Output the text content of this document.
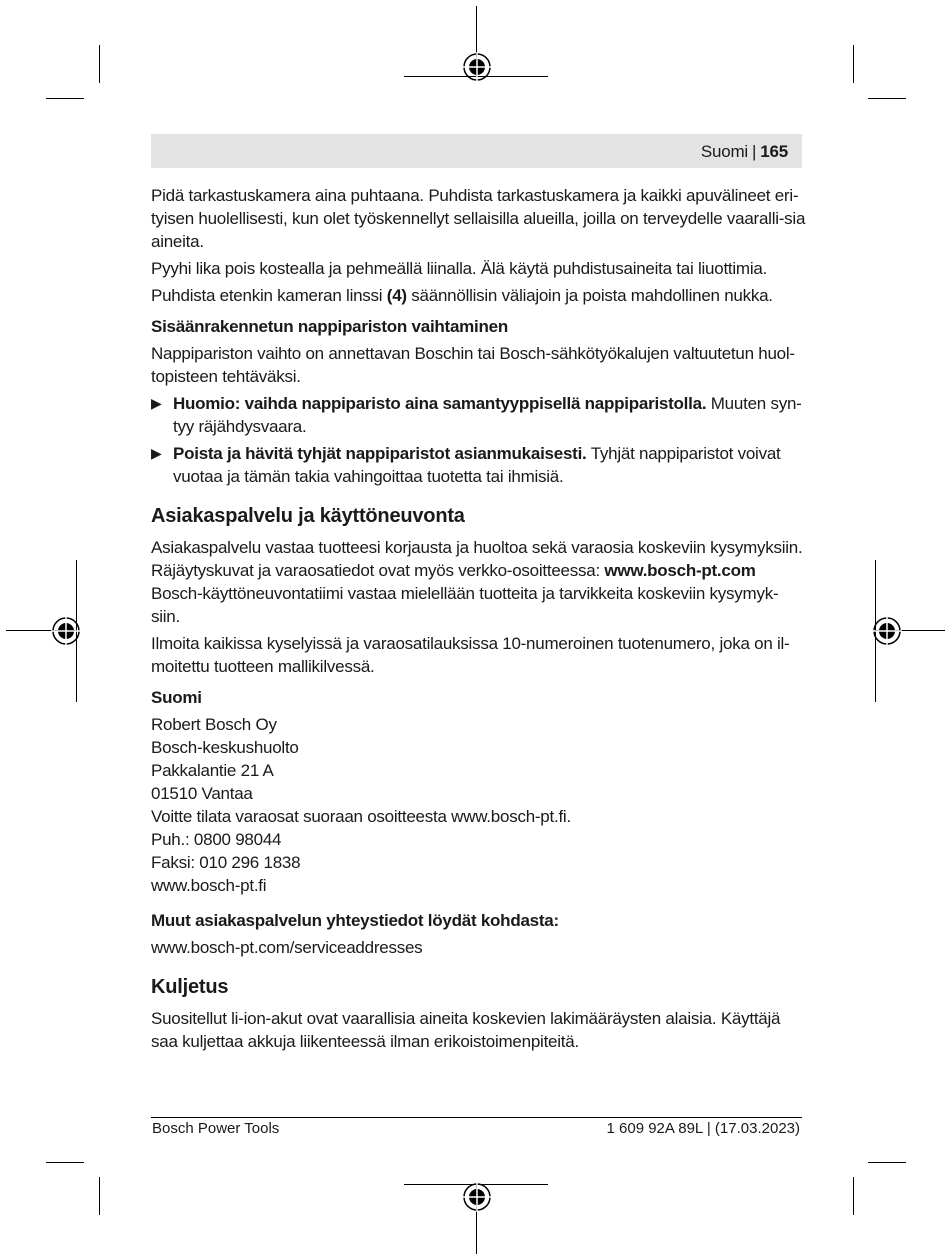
Suomi | 165

Pidä tarkastuskamera aina puhtaana. Puhdista tarkastuskamera ja kaikki apuvälineet eri-tyisen huolellisesti, kun olet työskennellyt sellaisilla alueilla, joilla on terveydelle vaaralli-sia aineita.

Pyyhi lika pois kostealla ja pehmeällä liinalla. Älä käytä puhdistusaineita tai liuottimia.

Puhdista etenkin kameran linssi (4) säännöllisin väliajoin ja poista mahdollinen nukka.

Sisäänrakennetun nappipariston vaihtaminen

Nappipariston vaihto on annettavan Boschin tai Bosch-sähkötyökalujen valtuutetun huol-topisteen tehtäväksi.

▶ Huomio: vaihda nappiparisto aina samantyyppisellä nappiparistolla. Muuten syn-tyy räjähdysvaara.
▶ Poista ja hävitä tyhjät nappiparistot asianmukaisesti. Tyhjät nappiparistot voivat vuotaa ja tämän takia vahingoittaa tuotetta tai ihmisiä.
Asiakaspalvelu ja käyttöneuvonta

Asiakaspalvelu vastaa tuotteesi korjausta ja huoltoa sekä varaosia koskeviin kysymyksiin.
Räjäytyskuvat ja varaosatiedot ovat myös verkko-osoitteessa: www.bosch-pt.com
Bosch-käyttöneuvontatiimi vastaa mielellään tuotteita ja tarvikkeita koskeviin kysymyk-siin.

Ilmoita kaikissa kyselyissä ja varaosatilauksissa 10-numeroinen tuotenumero, joka on il-moitettu tuotteen mallikilvessä.

Suomi

Robert Bosch Oy

Bosch-keskushuolto

Pakkalantie 21 A

01510 Vantaa

Voitte tilata varaosat suoraan osoitteesta www.bosch-pt.fi.

Puh.: 0800 98044

Faksi: 010 296 1838

www.bosch-pt.fi

Muut asiakaspalvelun yhteystiedot löydät kohdasta:

www.bosch-pt.com/serviceaddresses

Kuljetus

Suositellut li-ion-akut ovat vaarallisia aineita koskevien lakimääräysten alaisia. Käyttäjä saa kuljettaa akkuja liikenteessä ilman erikoistoimenpiteitä.

Bosch Power Tools	1 609 92A 89L | (17.03.2023)
